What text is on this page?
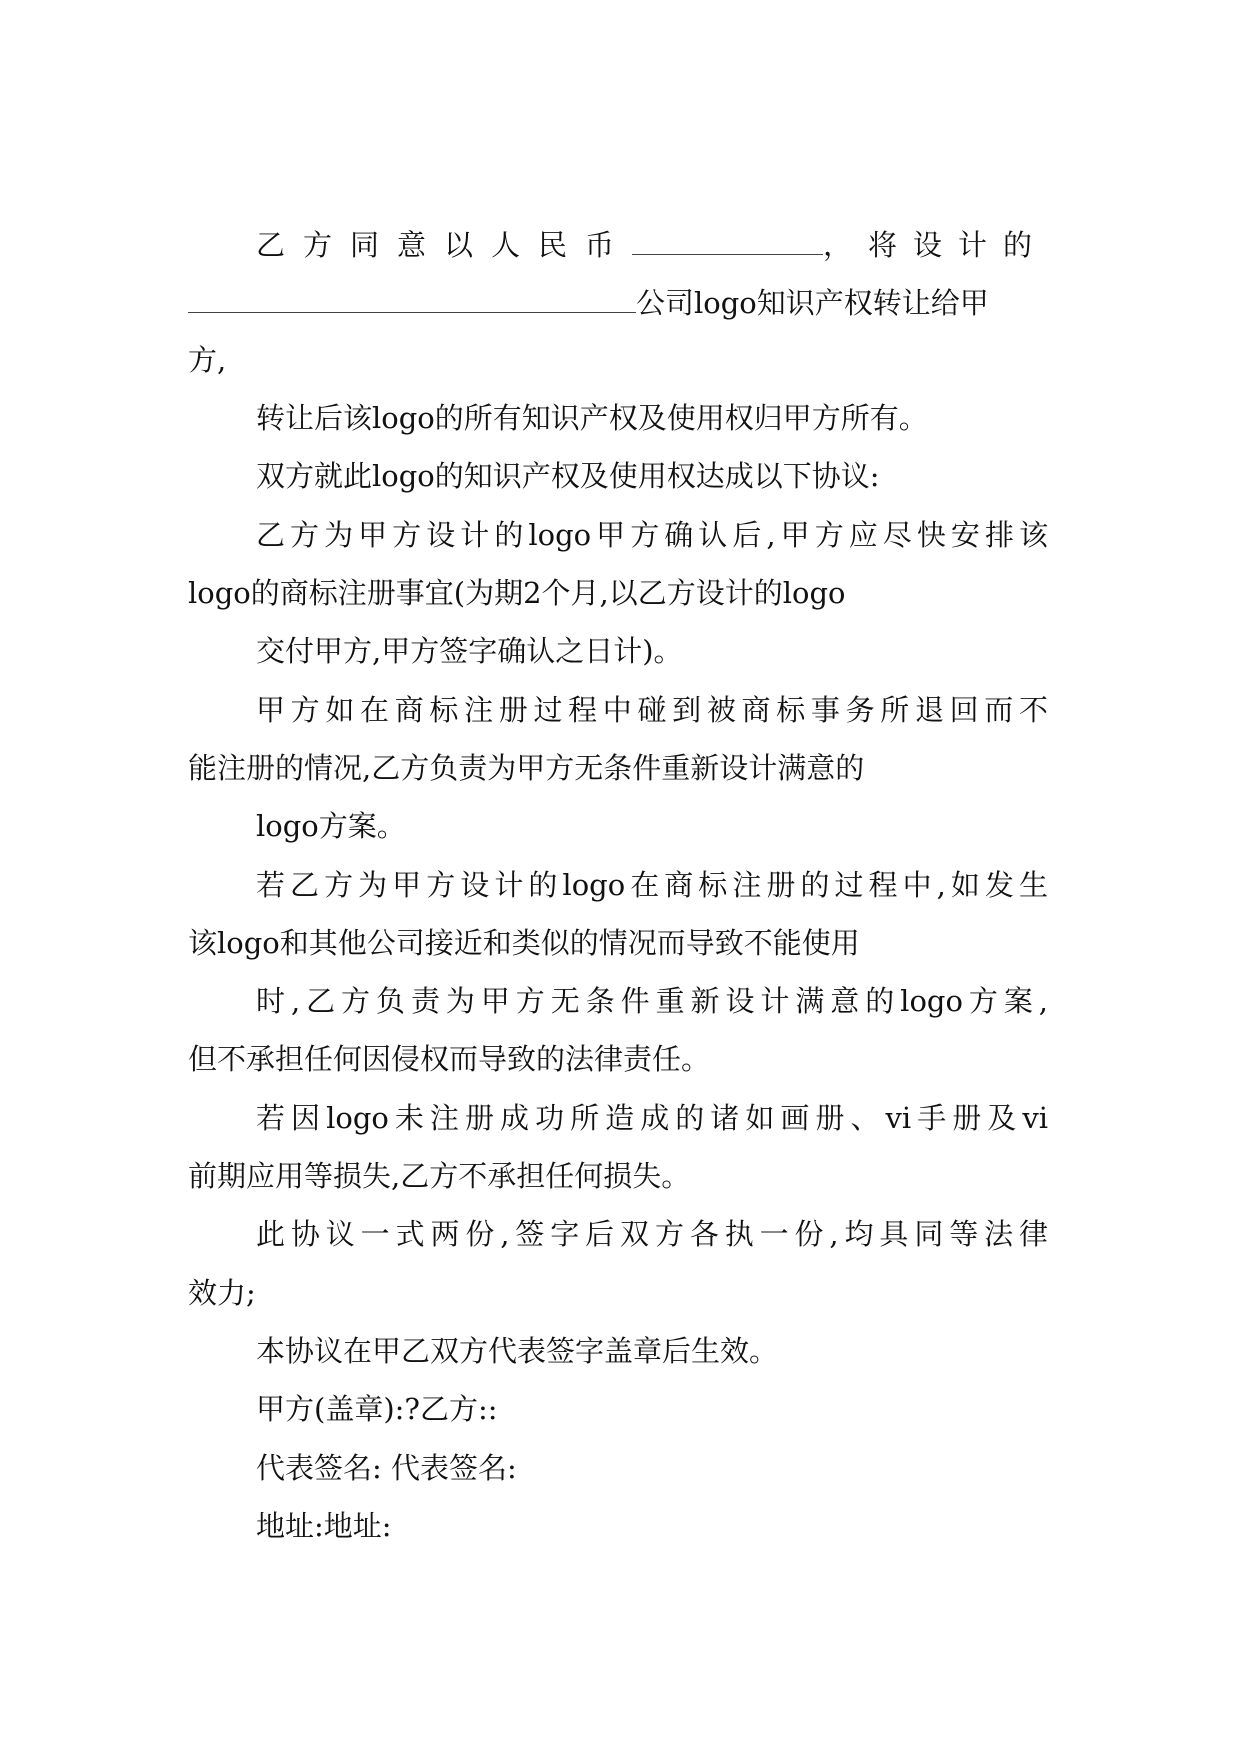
乙方同意以人民币	，将设计的
公司logo知识产权转让给甲
方,
转让后该logo的所有知识产权及使用权归甲方所有。
双方就此logo的知识产权及使用权达成以下协议:
乙方为甲方设计的logo甲方确认后,甲方应尽快安排该
logo的商标注册事宜(为期2个月,以乙方设计的logo
交付甲方,甲方签字确认之日计)。
甲方如在商标注册过程中碰到被商标事务所退回而不
能注册的情况,乙方负责为甲方无条件重新设计满意的
logo方案。
若乙方为甲方设计的logo在商标注册的过程中,如发生
该logo和其他公司接近和类似的情况而导致不能使用
时,乙方负责为甲方无条件重新设计满意的logo方案,
但不承担任何因侵权而导致的法律责任。
若因logo未注册成功所造成的诸如画册、vi手册及vi
前期应用等损失,乙方不承担任何损失。
此协议一式两份,签字后双方各执一份,均具同等法律
效力;
本协议在甲乙双方代表签字盖章后生效。
甲方(盖章):?乙方::
代表签名: 代表签名:
地址:地址:
